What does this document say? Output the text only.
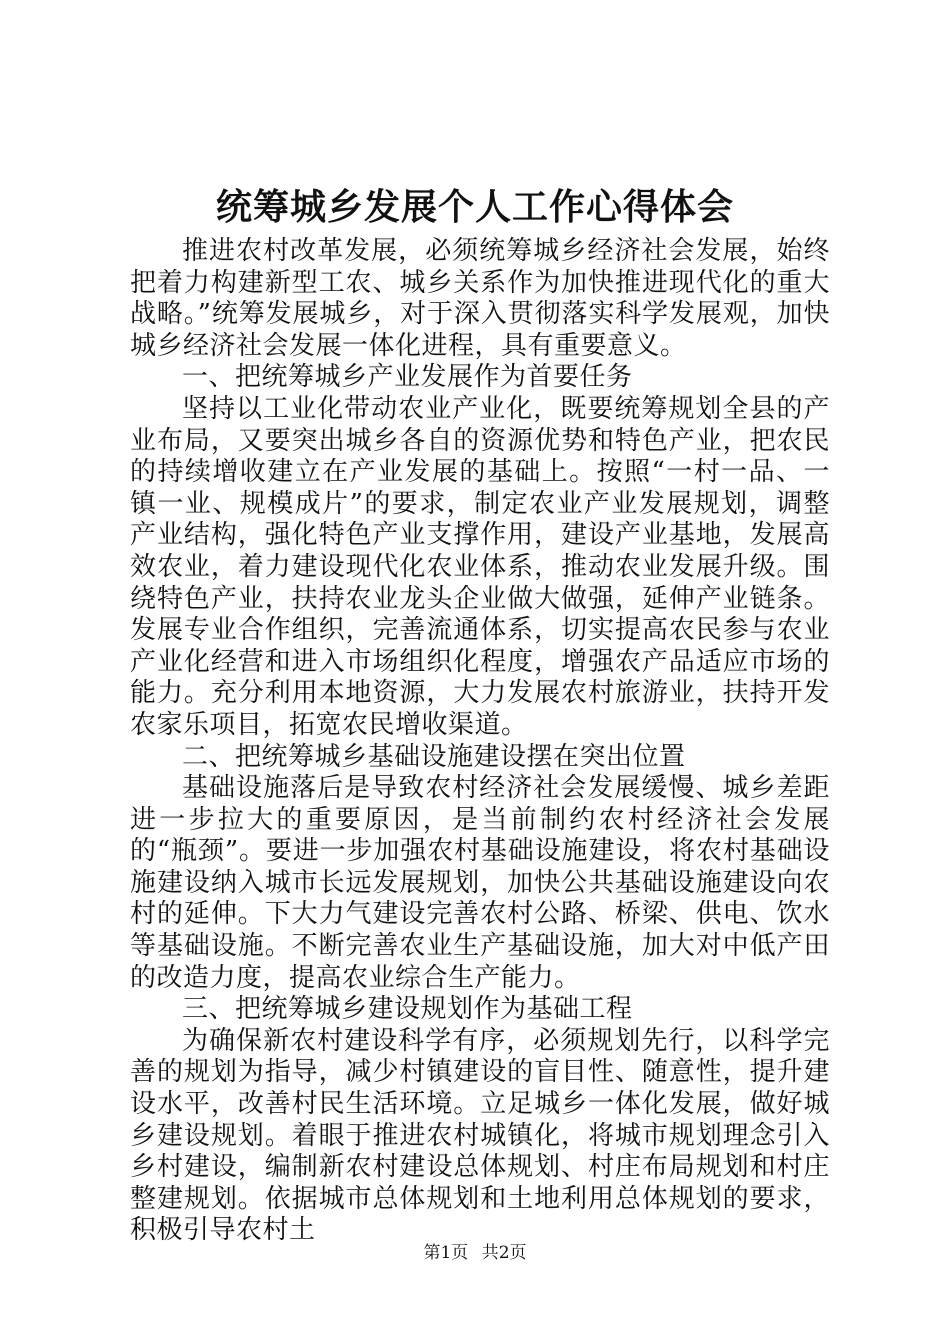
统筹城乡发展个人工作心得体会

推进农村改革发展，必须统筹城乡经济社会发展，始终把着力构建新型工农、城乡关系作为加快推进现代化的重大战略。”统筹发展城乡，对于深入贯彻落实科学发展观，加快城乡经济社会发展一体化进程，具有重要意义。

一、把统筹城乡产业发展作为首要任务

坚持以工业化带动农业产业化，既要统筹规划全县的产业布局，又要突出城乡各自的资源优势和特色产业，把农民的持续增收建立在产业发展的基础上。按照“一村一品、一镇一业、规模成片”的要求，制定农业产业发展规划，调整产业结构，强化特色产业支撑作用，建设产业基地，发展高效农业，着力建设现代化农业体系，推动农业发展升级。围绕特色产业，扶持农业龙头企业做大做强，延伸产业链条。发展专业合作组织，完善流通体系，切实提高农民参与农业产业化经营和进入市场组织化程度，增强农产品适应市场的能力。充分利用本地资源，大力发展农村旅游业，扶持开发农家乐项目，拓宽农民增收渠道。

二、把统筹城乡基础设施建设摆在突出位置

基础设施落后是导致农村经济社会发展缓慢、城乡差距进一步拉大的重要原因，是当前制约农村经济社会发展的“瓶颈”。要进一步加强农村基础设施建设，将农村基础设施建设纳入城市长远发展规划，加快公共基础设施建设向农村的延伸。下大力气建设完善农村公路、桥梁、供电、饮水等基础设施。不断完善农业生产基础设施，加大对中低产田的改造力度，提高农业综合生产能力。

三、把统筹城乡建设规划作为基础工程

为确保新农村建设科学有序，必须规划先行，以科学完善的规划为指导，减少村镇建设的盲目性、随意性，提升建设水平，改善村民生活环境。立足城乡一体化发展，做好城乡建设规划。着眼于推进农村城镇化，将城市规划理念引入乡村建设，编制新农村建设总体规划、村庄布局规划和村庄整建规划。依据城市总体规划和土地利用总体规划的要求，积极引导农村土

第1页 共2页
